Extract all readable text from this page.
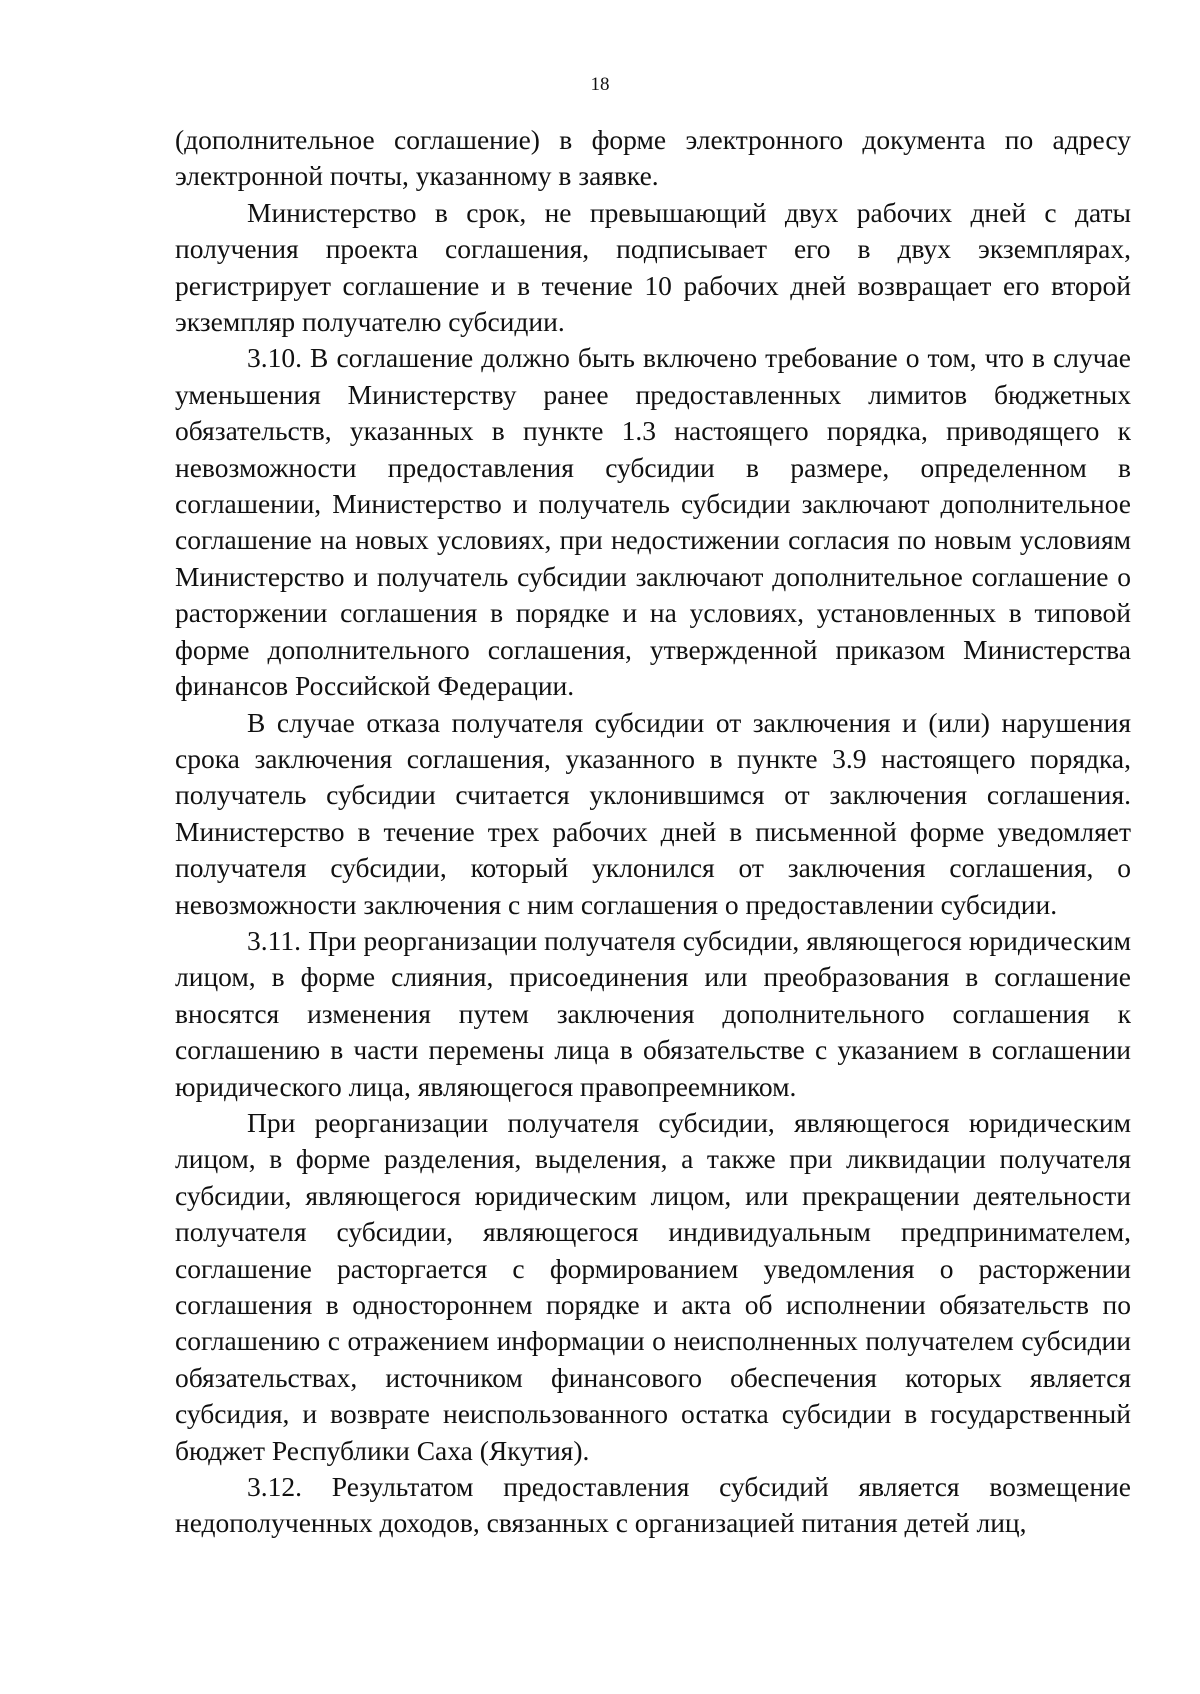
18

(дополнительное соглашение) в форме электронного документа по адресу электронной почты, указанному в заявке.

Министерство в срок, не превышающий двух рабочих дней с даты получения проекта соглашения, подписывает его в двух экземплярах, регистрирует соглашение и в течение 10 рабочих дней возвращает его второй экземпляр получателю субсидии.

3.10. В соглашение должно быть включено требование о том, что в случае уменьшения Министерству ранее предоставленных лимитов бюджетных обязательств, указанных в пункте 1.3 настоящего порядка, приводящего к невозможности предоставления субсидии в размере, определенном в соглашении, Министерство и получатель субсидии заключают дополнительное соглашение на новых условиях, при недостижении согласия по новым условиям Министерство и получатель субсидии заключают дополнительное соглашение о расторжении соглашения в порядке и на условиях, установленных в типовой форме дополнительного соглашения, утвержденной приказом Министерства финансов Российской Федерации.

В случае отказа получателя субсидии от заключения и (или) нарушения срока заключения соглашения, указанного в пункте 3.9 настоящего порядка, получатель субсидии считается уклонившимся от заключения соглашения. Министерство в течение трех рабочих дней в письменной форме уведомляет получателя субсидии, который уклонился от заключения соглашения, о невозможности заключения с ним соглашения о предоставлении субсидии.

3.11. При реорганизации получателя субсидии, являющегося юридическим лицом, в форме слияния, присоединения или преобразования в соглашение вносятся изменения путем заключения дополнительного соглашения к соглашению в части перемены лица в обязательстве с указанием в соглашении юридического лица, являющегося правопреемником.

При реорганизации получателя субсидии, являющегося юридическим лицом, в форме разделения, выделения, а также при ликвидации получателя субсидии, являющегося юридическим лицом, или прекращении деятельности получателя субсидии, являющегося индивидуальным предпринимателем, соглашение расторгается с формированием уведомления о расторжении соглашения в одностороннем порядке и акта об исполнении обязательств по соглашению с отражением информации о неисполненных получателем субсидии обязательствах, источником финансового обеспечения которых является субсидия, и возврате неиспользованного остатка субсидии в государственный бюджет Республики Саха (Якутия).

3.12. Результатом предоставления субсидий является возмещение недополученных доходов, связанных с организацией питания детей лиц,
